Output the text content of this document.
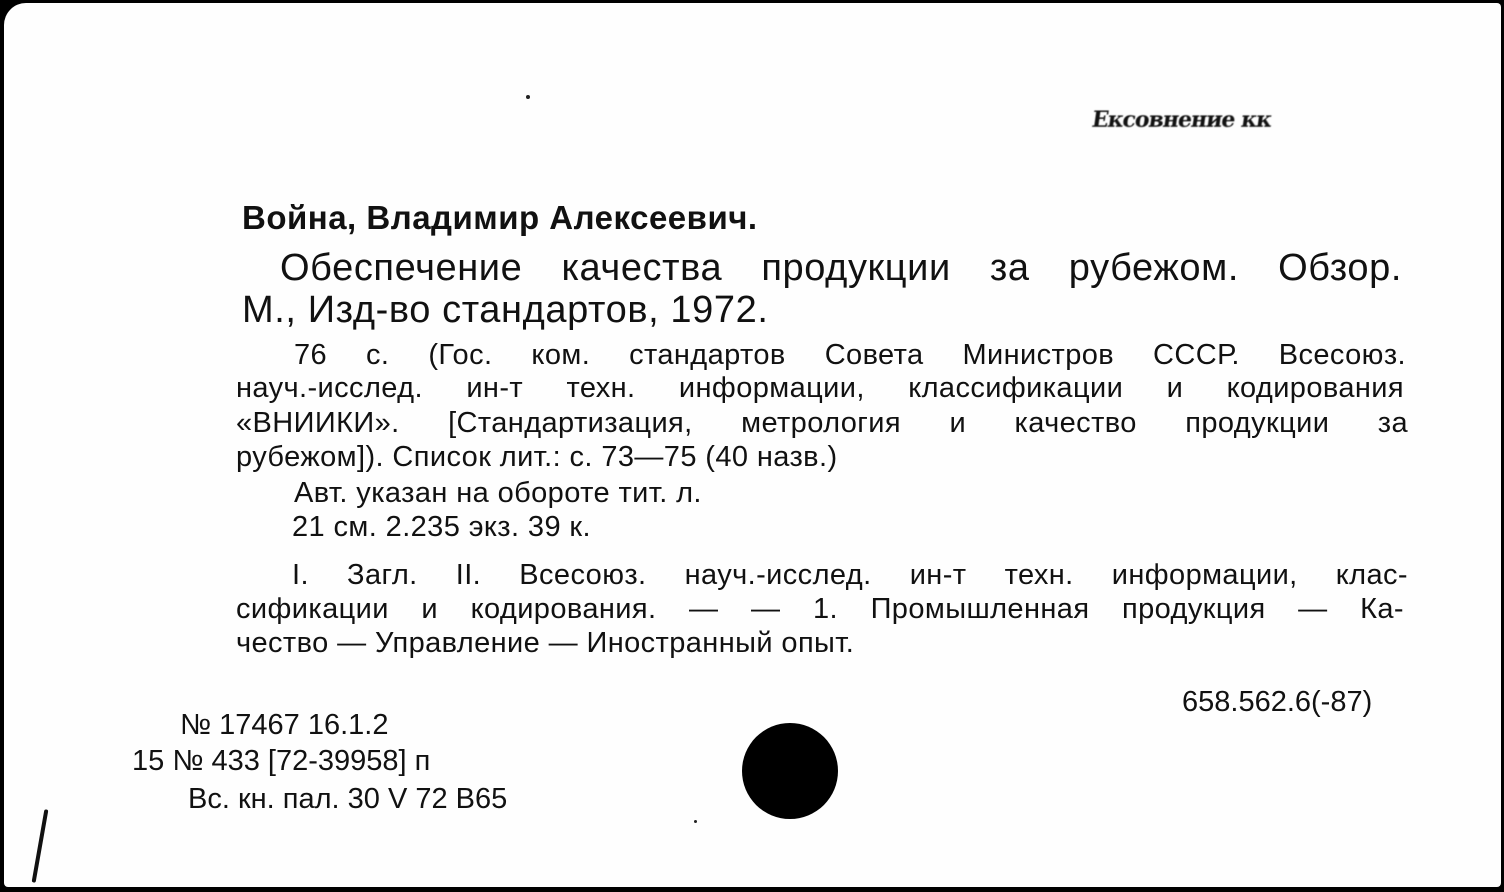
Ексовнение кк
Война, Владимир Алексеевич.
Обеспечение качества продукции за рубежом. Обзор.
М., Изд-во стандартов, 1972.
76 с. (Гос. ком. стандартов Совета Министров СССР. Всесоюз.
науч.-исслед. ин-т техн. информации, классификации и кодирования
«ВНИИКИ». [Стандартизация, метрология и качество продукции за
рубежом]). Список лит.: с. 73—75 (40 назв.)
Авт. указан на обороте тит. л.
21 см. 2.235 экз. 39 к.
I. Загл. II. Всесоюз. науч.-исслед. ин-т техн. информации, клас-
сификации и кодирования. — — 1. Промышленная продукция — Ка-
чество — Управление — Иностранный опыт.
658.562.6(-87)
№ 17467 16.1.2
15 № 433 [72-39958] п
Вс. кн. пал. 30 V 72 В65
